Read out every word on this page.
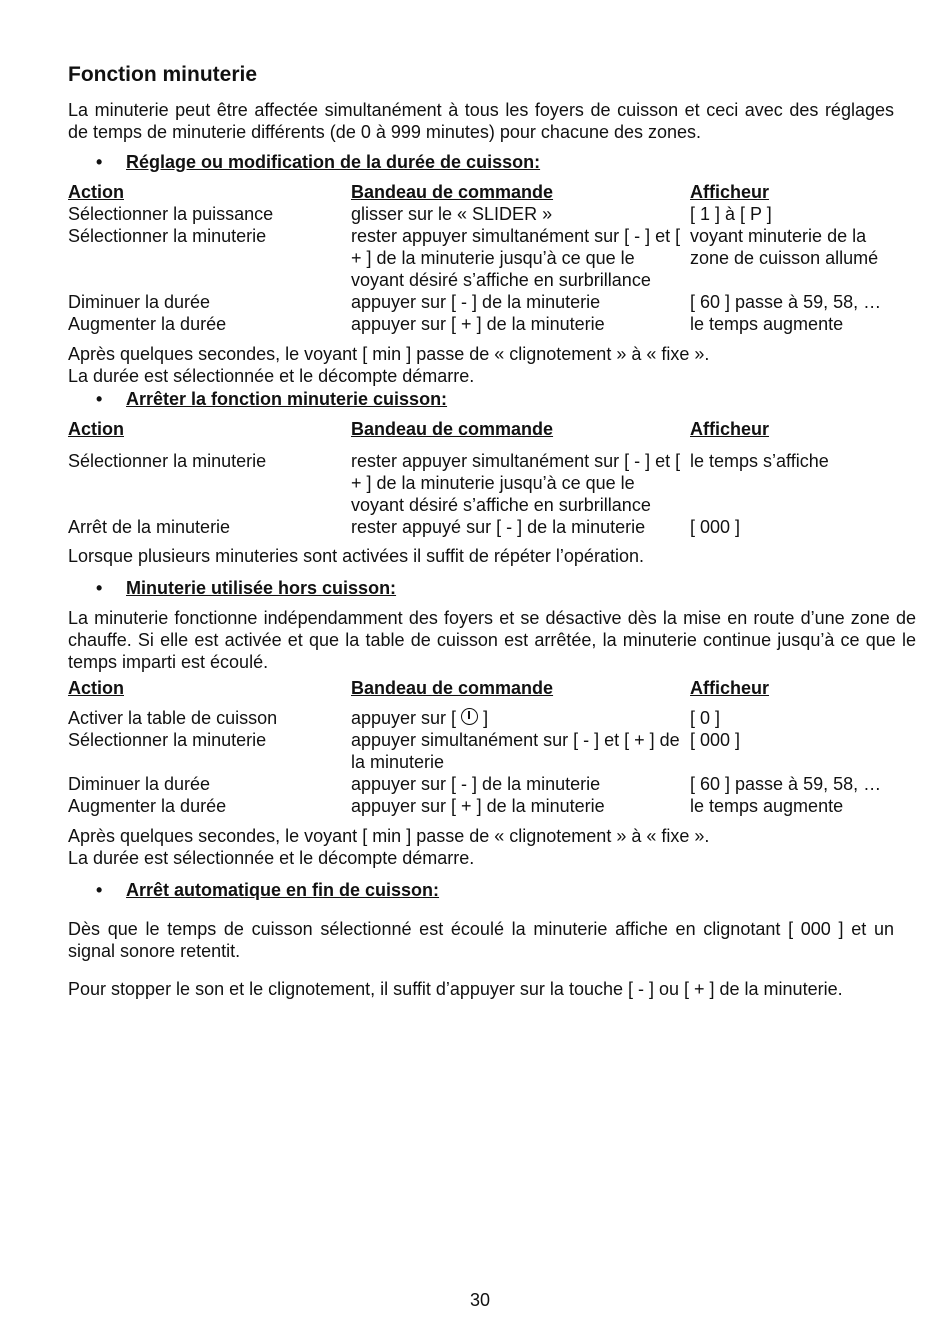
Fonction minuterie

La minuterie peut être affectée simultanément à tous les foyers de cuisson et ceci avec des réglages de temps de minuterie différents (de 0 à 999 minutes) pour chacune des zones.

• Réglage ou modification de la durée de cuisson:
Action	Bandeau de commande	Afficheur
Sélectionner la puissance	glisser sur le « SLIDER »	[ 1 ] à [ P ]
Sélectionner la minuterie	rester appuyer simultanément sur [ - ] et [ + ] de la minuterie jusqu’à ce que le voyant désiré s’affiche en surbrillance	voyant minuterie de la zone de cuisson allumé
Diminuer la durée	appuyer sur [ - ] de la minuterie	[ 60 ] passe à 59, 58, …
Augmenter la durée	appuyer sur [ + ] de la minuterie	le temps augmente

Après quelques secondes, le voyant [ min ] passe de « clignotement » à « fixe ».

La durée est sélectionnée et le décompte démarre.

• Arrêter la fonction minuterie cuisson:
Action	Bandeau de commande	Afficheur
Sélectionner la minuterie	rester appuyer simultanément sur [ - ] et [ + ] de la minuterie jusqu’à ce que le voyant désiré s’affiche en surbrillance	le temps s’affiche
Arrêt de la minuterie	rester appuyé sur [ - ] de la minuterie	[ 000 ]

Lorsque plusieurs minuteries sont activées il suffit de répéter l’opération.

• Minuterie utilisée hors cuisson:

La minuterie fonctionne indépendamment des foyers et se désactive dès la mise en route d’une zone de chauffe. Si elle est activée et que la table de cuisson est arrêtée, la minuterie continue jusqu’à ce que le temps imparti est écoulé.

Action	Bandeau de commande	Afficheur
Activer la table de cuisson	appuyer sur [ ]	[ 0 ]
Sélectionner la minuterie	appuyer simultanément sur [ - ] et [ + ] de la minuterie	[ 000 ]
Diminuer la durée	appuyer sur [ - ] de la minuterie	[ 60 ] passe à 59, 58, …
Augmenter la durée	appuyer sur [ + ] de la minuterie	le temps augmente

Après quelques secondes, le voyant [ min ] passe de « clignotement » à « fixe ».

La durée est sélectionnée et le décompte démarre.

• Arrêt automatique en fin de cuisson:

Dès que le temps de cuisson sélectionné est écoulé la minuterie affiche en clignotant [ 000 ] et un signal sonore retentit.

Pour stopper le son et le clignotement, il suffit d’appuyer sur la touche [ - ] ou [ + ] de la minuterie.

30
